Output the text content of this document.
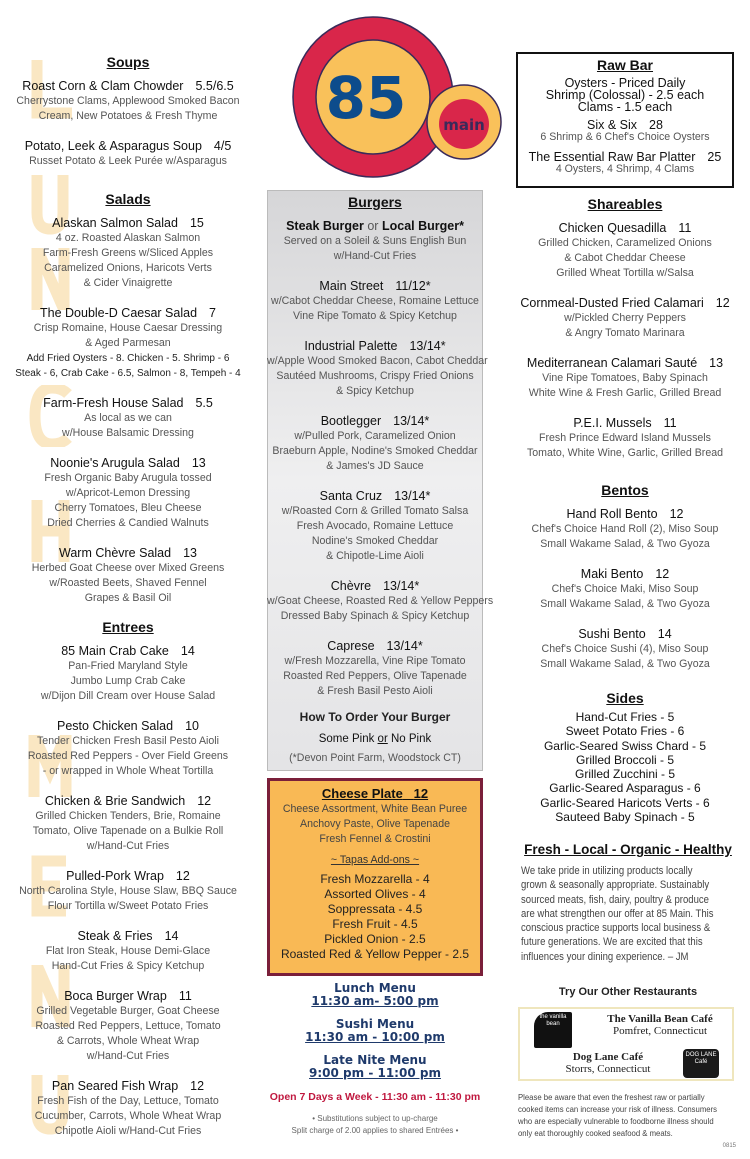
85 main
Soups
Roast Corn & Clam Chowder 5.5/6.5
Cherrystone Clams, Applewood Smoked Bacon
Cream, New Potatoes & Fresh Thyme
Potato, Leek & Asparagus Soup 4/5
Russet Potato & Leek Purée w/Asparagus
Salads
Alaskan Salmon Salad 15
4 oz. Roasted Alaskan Salmon
Farm-Fresh Greens w/Sliced Apples
Caramelized Onions, Haricots Verts
& Cider Vinaigrette
The Double-D Caesar Salad 7
Crisp Romaine, House Caesar Dressing
& Aged Parmesan
Add Fried Oysters - 8. Chicken - 5. Shrimp - 6
Steak - 6, Crab Cake - 6.5, Salmon - 8, Tempeh - 4
Farm-Fresh House Salad 5.5
As local as we can
w/House Balsamic Dressing
Noonie's Arugula Salad 13
Fresh Organic Baby Arugula tossed
w/Apricot-Lemon Dressing
Cherry Tomatoes, Bleu Cheese
Dried Cherries & Candied Walnuts
Warm Chèvre Salad 13
Herbed Goat Cheese over Mixed Greens
w/Roasted Beets, Shaved Fennel
Grapes & Basil Oil
Entrees
85 Main Crab Cake 14
Pan-Fried Maryland Style
Jumbo Lump Crab Cake
w/Dijon Dill Cream over House Salad
Pesto Chicken Salad 10
Tender Chicken Fresh Basil Pesto Aioli
Roasted Red Peppers - Over Field Greens
- or wrapped in Whole Wheat Tortilla
Chicken & Brie Sandwich 12
Grilled Chicken Tenders, Brie, Romaine
Tomato, Olive Tapenade on a Bulkie Roll
w/Hand-Cut Fries
Pulled-Pork Wrap 12
North Carolina Style, House Slaw, BBQ Sauce
Flour Tortilla w/Sweet Potato Fries
Steak & Fries 14
Flat Iron Steak, House Demi-Glace
Hand-Cut Fries & Spicy Ketchup
Boca Burger Wrap 11
Grilled Vegetable Burger, Goat Cheese
Roasted Red Peppers, Lettuce, Tomato
& Carrots, Whole Wheat Wrap
w/Hand-Cut Fries
Pan Seared Fish Wrap 12
Fresh Fish of the Day, Lettuce, Tomato
Cucumber, Carrots, Whole Wheat Wrap
Chipotle Aioli w/Hand-Cut Fries
Burgers
Steak Burger or Local Burger*
Served on a Soleil & Suns English Bun
w/Hand-Cut Fries
Main Street 11/12*
w/Cabot Cheddar Cheese, Romaine Lettuce
Vine Ripe Tomato & Spicy Ketchup
Industrial Palette 13/14*
w/Apple Wood Smoked Bacon, Cabot Cheddar
Sautéed Mushrooms, Crispy Fried Onions
& Spicy Ketchup
Bootlegger 13/14*
w/Pulled Pork, Caramelized Onion
Braeburn Apple, Nodine's Smoked Cheddar
& James's JD Sauce
Santa Cruz 13/14*
w/Roasted Corn & Grilled Tomato Salsa
Fresh Avocado, Romaine Lettuce
Nodine's Smoked Cheddar
& Chipotle-Lime Aioli
Chèvre 13/14*
w/Goat Cheese, Roasted Red & Yellow Peppers
Dressed Baby Spinach & Spicy Ketchup
Caprese 13/14*
w/Fresh Mozzarella, Vine Ripe Tomato
Roasted Red Peppers, Olive Tapenade
& Fresh Basil Pesto Aioli
How To Order Your Burger
Some Pink or No Pink
(*Devon Point Farm, Woodstock CT)
Cheese Plate 12
Cheese Assortment, White Bean Puree
Anchovy Paste, Olive Tapenade
Fresh Fennel & Crostini
~ Tapas Add-ons ~
Fresh Mozzarella - 4
Assorted Olives - 4
Soppressata - 4.5
Fresh Fruit - 4.5
Pickled Onion - 2.5
Roasted Red & Yellow Pepper - 2.5
Lunch Menu
11:30 am- 5:00 pm
Sushi Menu
11:30 am - 10:00 pm
Late Nite Menu
9:00 pm - 11:00 pm
Open 7 Days a Week - 11:30 am - 11:30 pm
• Substitutions subject to up-charge
Split charge of 2.00 applies to shared Entrées •
Raw Bar
Oysters - Priced Daily
Shrimp (Colossal) - 2.5 each
Clams - 1.5 each
Six & Six 28
6 Shrimp & 6 Chef's Choice Oysters
The Essential Raw Bar Platter 25
4 Oysters, 4 Shrimp, 4 Clams
Shareables
Chicken Quesadilla 11
Grilled Chicken, Caramelized Onions
& Cabot Cheddar Cheese
Grilled Wheat Tortilla w/Salsa
Cornmeal-Dusted Fried Calamari 12
w/Pickled Cherry Peppers
& Angry Tomato Marinara
Mediterranean Calamari Sauté 13
Vine Ripe Tomatoes, Baby Spinach
White Wine & Fresh Garlic, Grilled Bread
P.E.I. Mussels 11
Fresh Prince Edward Island Mussels
Tomato, White Wine, Garlic, Grilled Bread
Bentos
Hand Roll Bento 12
Chef's Choice Hand Roll (2), Miso Soup
Small Wakame Salad, & Two Gyoza
Maki Bento 12
Chef's Choice Maki, Miso Soup
Small Wakame Salad, & Two Gyoza
Sushi Bento 14
Chef's Choice Sushi (4), Miso Soup
Small Wakame Salad, & Two Gyoza
Sides
Hand-Cut Fries - 5
Sweet Potato Fries - 6
Garlic-Seared Swiss Chard - 5
Grilled Broccoli - 5
Grilled Zucchini - 5
Garlic-Seared Asparagus - 6
Garlic-Seared Haricots Verts - 6
Sauteed Baby Spinach - 5
Fresh - Local - Organic - Healthy
We take pride in utilizing products locally
grown & seasonally appropriate. Sustainably
sourced meats, fish, dairy, poultry & produce
are what strengthen our offer at 85 Main. This
conscious practice supports local business &
future generations. We are excited that this
influences your dining experience. – JM
Try Our Other Restaurants
the vanilla bean	The Vanilla Bean Café
Pomfret, Connecticut
Dog Lane Café
Storrs, Connecticut
DOG LANE Café
Please be aware that even the freshest raw or partially
cooked items can increase your risk of illness. Consumers
who are especially vulnerable to foodborne illness should
only eat thoroughly cooked seafood & meats.
0815
